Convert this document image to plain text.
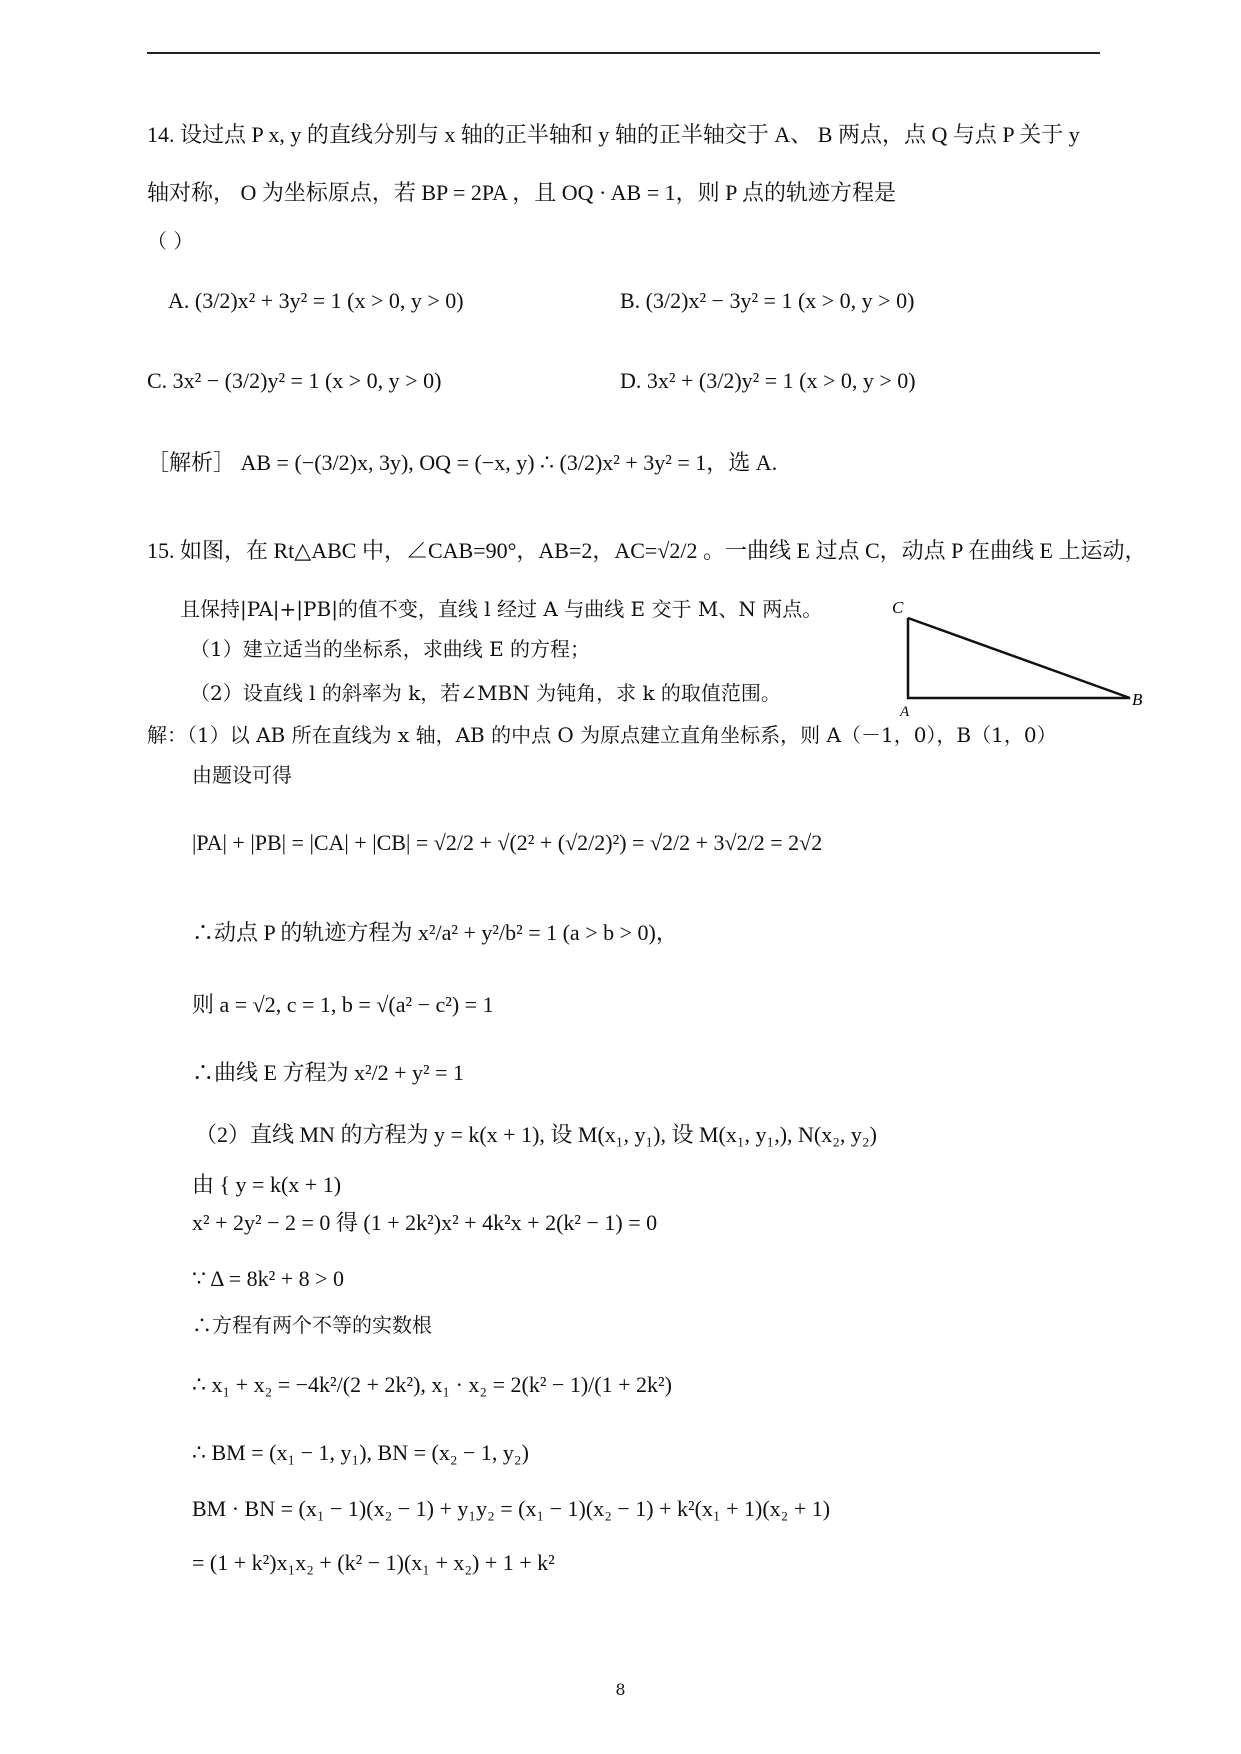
14. 设过点 P x, y 的直线分别与 x 轴的正半轴和 y 轴的正半轴交于 A、 B 两点，点 Q 与点 P 关于 y
轴对称， O 为坐标原点，若 BP = 2PA ，且 OQ · AB = 1，则 P 点的轨迹方程是
（ ）
A. (3/2)x² + 3y² = 1 (x > 0, y > 0)	B. (3/2)x² − 3y² = 1 (x > 0, y > 0)
C. 3x² − (3/2)y² = 1 (x > 0, y > 0)	D. 3x² + (3/2)y² = 1 (x > 0, y > 0)
［解析］ AB = (−(3/2)x, 3y), OQ = (−x, y) ∴ (3/2)x² + 3y² = 1，选 A.
15. 如图，在 Rt△ABC 中，∠CAB=90°，AB=2，AC=√2/2 。一曲线 E 过点 C，动点 P 在曲线 E 上运动，
且保持|PA|+|PB|的值不变，直线 l 经过 A 与曲线 E 交于 M、N 两点。
（1）建立适当的坐标系，求曲线 E 的方程；
（2）设直线 l 的斜率为 k，若∠MBN 为钝角，求 k 的取值范围。
C
A
B
解：（1）以 AB 所在直线为 x 轴，AB 的中点 O 为原点建立直角坐标系，则 A（－1，0），B（1，0）
由题设可得
|PA| + |PB| = |CA| + |CB| = √2/2 + √(2² + (√2/2)²) = √2/2 + 3√2/2 = 2√2
∴动点 P 的轨迹方程为 x²/a² + y²/b² = 1 (a > b > 0)，
则 a = √2, c = 1, b = √(a² − c²) = 1
∴曲线 E 方程为 x²/2 + y² = 1
（2）直线 MN 的方程为 y = k(x + 1), 设 M(x₁, y₁), 设 M(x₁, y₁,), N(x₂, y₂)
由 { y = k(x + 1)
x² + 2y² − 2 = 0 得 (1 + 2k²)x² + 4k²x + 2(k² − 1) = 0
∵ Δ = 8k² + 8 > 0
∴方程有两个不等的实数根
∴ x₁ + x₂ = −4k²/(2 + 2k²), x₁ · x₂ = 2(k² − 1)/(1 + 2k²)
∴ BM = (x₁ − 1, y₁), BN = (x₂ − 1, y₂)
BM · BN = (x₁ − 1)(x₂ − 1) + y₁y₂ = (x₁ − 1)(x₂ − 1) + k²(x₁ + 1)(x₂ + 1)
= (1 + k²)x₁x₂ + (k² − 1)(x₁ + x₂) + 1 + k²
8
